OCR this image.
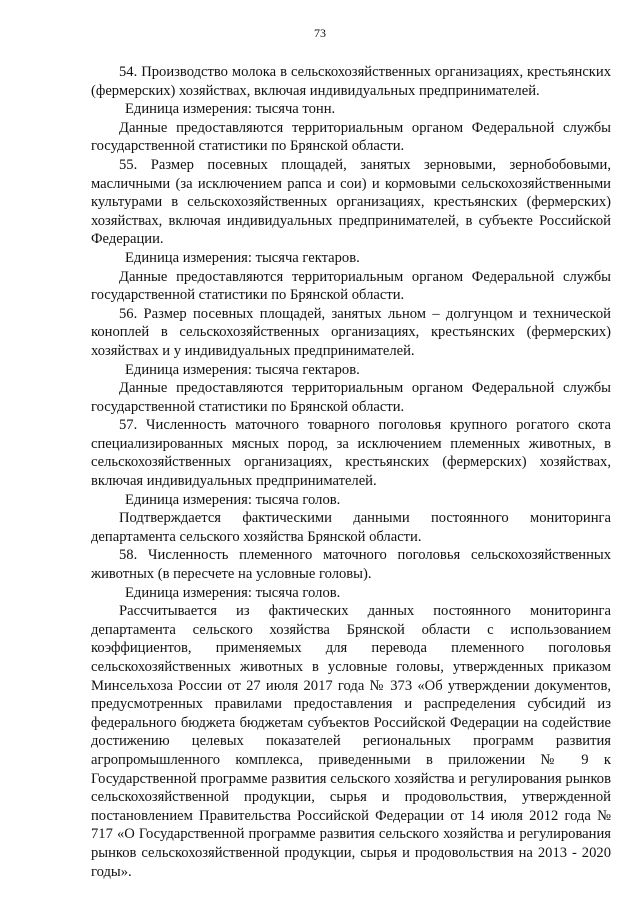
73

54. Производство молока в сельскохозяйственных организациях, крестьянских (фермерских) хозяйствах, включая индивидуальных предпринимателей.

Единица измерения: тысяча тонн.

Данные предоставляются территориальным органом Федеральной службы государственной статистики по Брянской области.

55. Размер посевных площадей, занятых зерновыми, зернобобовыми, масличными (за исключением рапса и сои) и кормовыми сельскохозяйственными культурами в сельскохозяйственных организациях, крестьянских (фермерских) хозяйствах, включая индивидуальных предпринимателей, в субъекте Российской Федерации.

Единица измерения: тысяча гектаров.

Данные предоставляются территориальным органом Федеральной службы государственной статистики по Брянской области.

56. Размер посевных площадей, занятых льном – долгунцом и технической коноплей в сельскохозяйственных организациях, крестьянских (фермерских) хозяйствах и у индивидуальных предпринимателей.

Единица измерения: тысяча гектаров.

Данные предоставляются территориальным органом Федеральной службы государственной статистики по Брянской области.

57. Численность маточного товарного поголовья крупного рогатого скота специализированных мясных пород, за исключением племенных животных, в сельскохозяйственных организациях, крестьянских (фермерских) хозяйствах, включая индивидуальных предпринимателей.

Единица измерения: тысяча голов.

Подтверждается фактическими данными постоянного мониторинга департамента сельского хозяйства Брянской области.

58. Численность племенного маточного поголовья сельскохозяйственных животных (в пересчете на условные головы).

Единица измерения: тысяча голов.

Рассчитывается из фактических данных постоянного мониторинга департамента сельского хозяйства Брянской области с использованием коэффициентов, применяемых для перевода племенного поголовья сельскохозяйственных животных в условные головы, утвержденных приказом Минсельхоза России от 27 июля 2017 года № 373 «Об утверждении документов, предусмотренных правилами предоставления и распределения субсидий из федерального бюджета бюджетам субъектов Российской Федерации на содействие достижению целевых показателей региональных программ развития агропромышленного комплекса, приведенными в приложении № 9 к Государственной программе развития сельского хозяйства и регулирования рынков сельскохозяйственной продукции, сырья и продовольствия, утвержденной постановлением Правительства Российской Федерации от 14 июля 2012 года № 717 «О Государственной программе развития сельского хозяйства и регулирования рынков сельскохозяйственной продукции, сырья и продовольствия на 2013 - 2020 годы».
